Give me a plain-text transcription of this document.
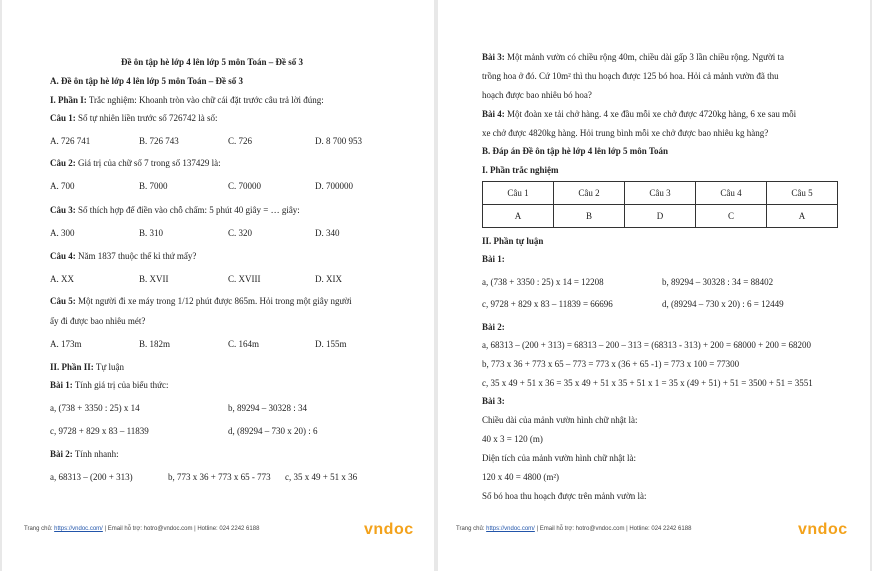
Đề ôn tập hè lớp 4 lên lớp 5 môn Toán – Đề số 3
A. Đề ôn tập hè lớp 4 lên lớp 5 môn Toán – Đề số 3
I. Phần I: Trắc nghiệm: Khoanh tròn vào chữ cái đặt trước câu trả lời đúng:
Câu 1: Số tự nhiên liền trước số 726742 là số:
A. 726 741	B. 726 743	C. 726	D. 8 700 953
Câu 2: Giá trị của chữ số 7 trong số 137429 là:
A. 700	B. 7000	C. 70000	D. 700000
Câu 3: Số thích hợp để điền vào chỗ chấm: 5 phút 40 giây = … giây:
A. 300	B. 310	C. 320	D. 340
Câu 4: Năm 1837 thuộc thế kỉ thứ mấy?
A. XX	B. XVII	C. XVIII	D. XIX
Câu 5: Một người đi xe máy trong 1/12 phút được 865m. Hỏi trong một giây người
ấy đi được bao nhiêu mét?
A. 173m	B. 182m	C. 164m	D. 155m
II. Phần II: Tự luận
Bài 1: Tính giá trị của biểu thức:
a, (738 + 3350 : 25) x 14	b, 89294 – 30328 : 34
c, 9728 + 829 x 83 – 11839	d, (89294 – 730 x 20) : 6
Bài 2: Tính nhanh:
a, 68313 – (200 + 313)	b, 773 x 36 + 773 x 65 - 773 c, 35 x 49 + 51 x 36
Trang chủ: https://vndoc.com/ | Email hỗ trợ: hotro@vndoc.com | Hotline: 024 2242 6188	vndoc
Bài 3: Một mảnh vườn có chiều rộng 40m, chiều dài gấp 3 lần chiều rộng. Người ta
trồng hoa ở đó. Cứ 10m² thì thu hoạch được 125 bó hoa. Hỏi cả mảnh vườn đã thu
hoạch được bao nhiêu bó hoa?
Bài 4: Một đoàn xe tải chở hàng. 4 xe đầu mỗi xe chở được 4720kg hàng, 6 xe sau mỗi
xe chở được 4820kg hàng. Hỏi trung bình mỗi xe chở được bao nhiêu kg hàng?
B. Đáp án Đề ôn tập hè lớp 4 lên lớp 5 môn Toán
I. Phần trắc nghiệm
Câu 1	Câu 2	Câu 3	Câu 4	Câu 5
A	B	D	C	A
II. Phần tự luận
Bài 1:
a, (738 + 3350 : 25) x 14 = 12208	b, 89294 – 30328 : 34 = 88402
c, 9728 + 829 x 83 – 11839 = 66696	d, (89294 – 730 x 20) : 6 = 12449
Bài 2:
a, 68313 – (200 + 313) = 68313 – 200 – 313 = (68313 - 313) + 200 = 68000 + 200 = 68200
b, 773 x 36 + 773 x 65 – 773 = 773 x (36 + 65 -1) = 773 x 100 = 77300
c, 35 x 49 + 51 x 36 = 35 x 49 + 51 x 35 + 51 x 1 = 35 x (49 + 51) + 51 = 3500 + 51 = 3551
Bài 3:
Chiều dài của mảnh vườn hình chữ nhật là:
40 x 3 = 120 (m)
Diện tích của mảnh vườn hình chữ nhật là:
120 x 40 = 4800 (m²)
Số bó hoa thu hoạch được trên mảnh vườn là:
Trang chủ: https://vndoc.com/ | Email hỗ trợ: hotro@vndoc.com | Hotline: 024 2242 6188	vndoc
